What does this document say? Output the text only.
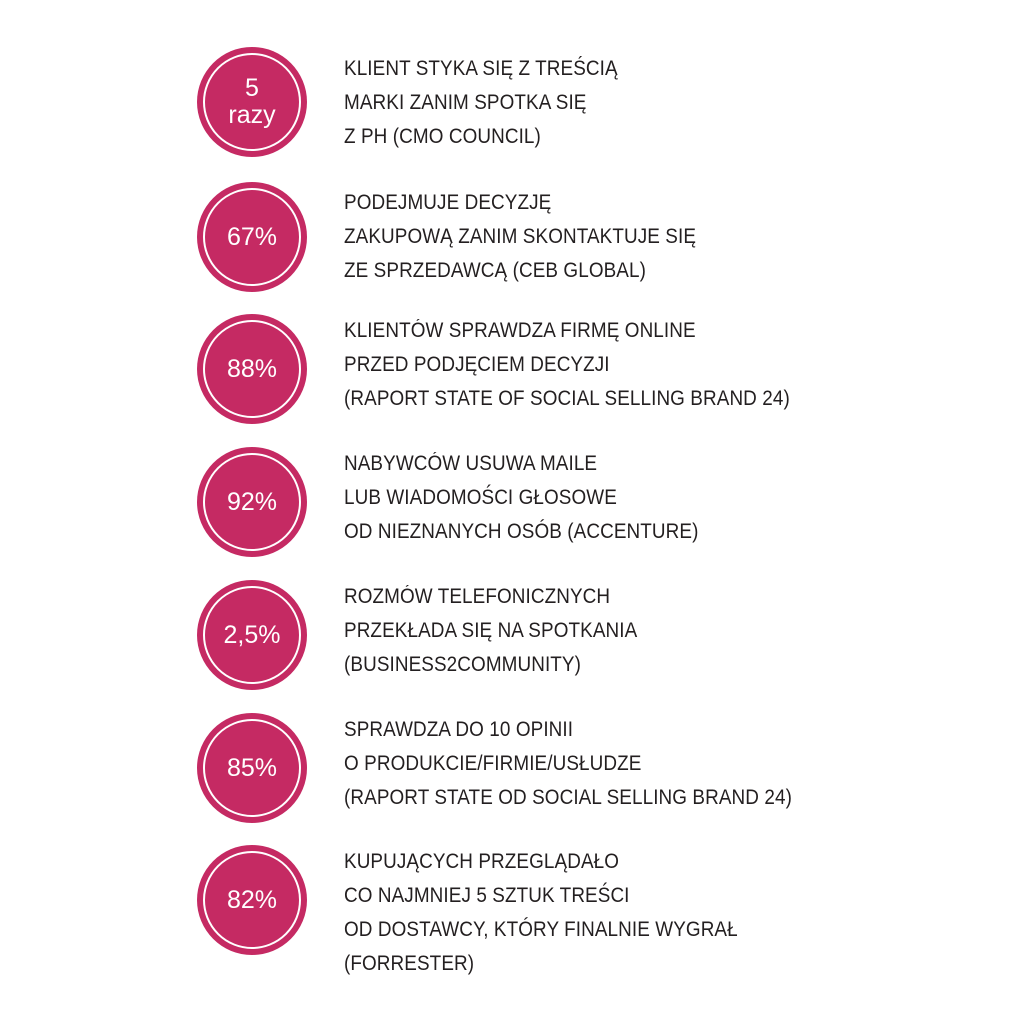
5
razy
KLIENT STYKA SIĘ Z TREŚCIĄ
MARKI ZANIM SPOTKA SIĘ
Z PH (CMO COUNCIL)
67%
PODEJMUJE DECYZJĘ
ZAKUPOWĄ ZANIM SKONTAKTUJE SIĘ
ZE SPRZEDAWCĄ (CEB GLOBAL)
88%
KLIENTÓW SPRAWDZA FIRMĘ ONLINE
PRZED PODJĘCIEM DECYZJI
(RAPORT STATE OF SOCIAL SELLING BRAND 24)
92%
NABYWCÓW USUWA MAILE
LUB WIADOMOŚCI GŁOSOWE
OD NIEZNANYCH OSÓB (ACCENTURE)
2,5%
ROZMÓW TELEFONICZNYCH
PRZEKŁADA SIĘ NA SPOTKANIA
(BUSINESS2COMMUNITY)
85%
SPRAWDZA DO 10 OPINII
O PRODUKCIE/FIRMIE/USŁUDZE
(RAPORT STATE OD SOCIAL SELLING BRAND 24)
82%
KUPUJĄCYCH PRZEGLĄDAŁO
CO NAJMNIEJ 5 SZTUK TREŚCI
OD DOSTAWCY, KTÓRY FINALNIE WYGRAŁ
(FORRESTER)
